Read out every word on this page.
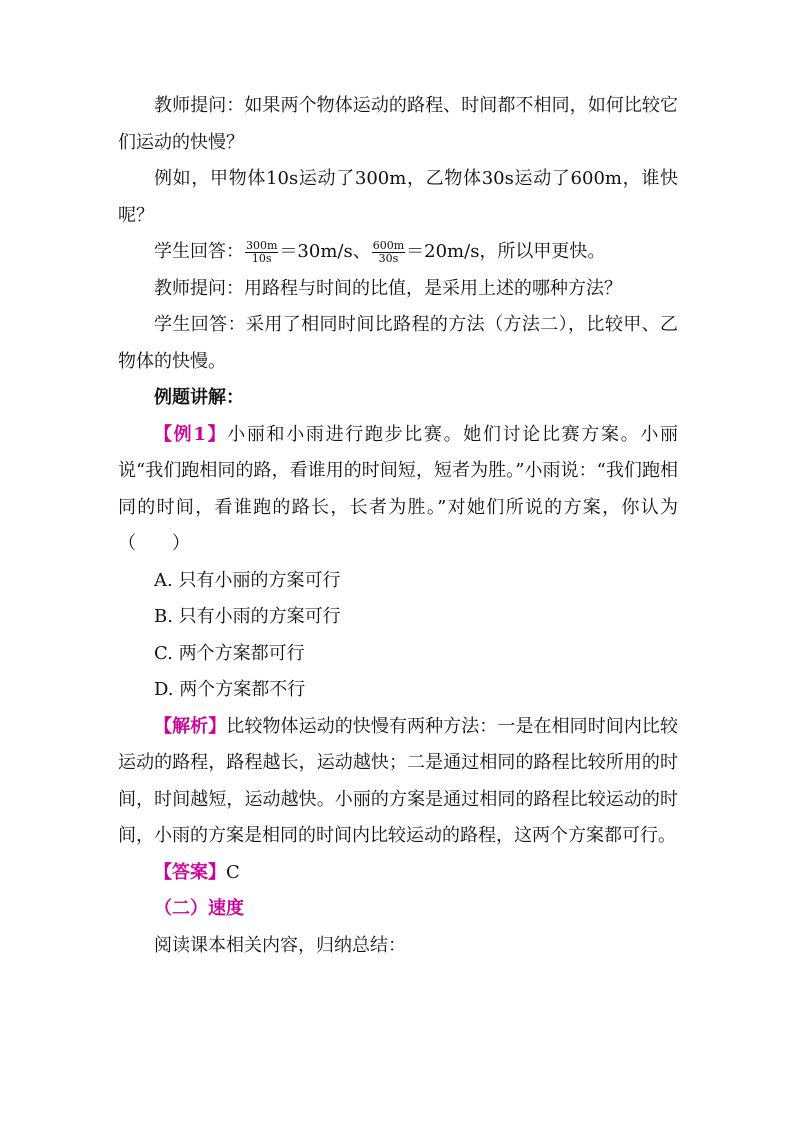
教师提问：如果两个物体运动的路程、时间都不相同，如何比较它们运动的快慢？

例如，甲物体10s运动了300m，乙物体30s运动了600m，谁快呢？

学生回答： $\frac{300m}{10s} =30m/s$、 $\frac{600m}{30s} =20m/s$，所以甲更快。

教师提问：用路程与时间的比值，是采用上述的哪种方法？

学生回答：采用了相同时间比路程的方法（方法二），比较甲、乙物体的快慢。

例题讲解：

【例1】小丽和小雨进行跑步比赛。她们讨论比赛方案。小丽说“我们跑相同的路，看谁用的时间短，短者为胜。”小雨说：“我们跑相同的时间，看谁跑的路长，长者为胜。”对她们所说的方案，你认为（　　）

A. 只有小丽的方案可行

B. 只有小雨的方案可行

C. 两个方案都可行

D. 两个方案都不行

【解析】比较物体运动的快慢有两种方法：一是在相同时间内比较运动的路程，路程越长，运动越快；二是通过相同的路程比较所用的时间，时间越短，运动越快。小丽的方案是通过相同的路程比较运动的时间，小雨的方案是相同的时间内比较运动的路程，这两个方案都可行。

【答案】C

（二）速度

阅读课本相关内容，归纳总结：
